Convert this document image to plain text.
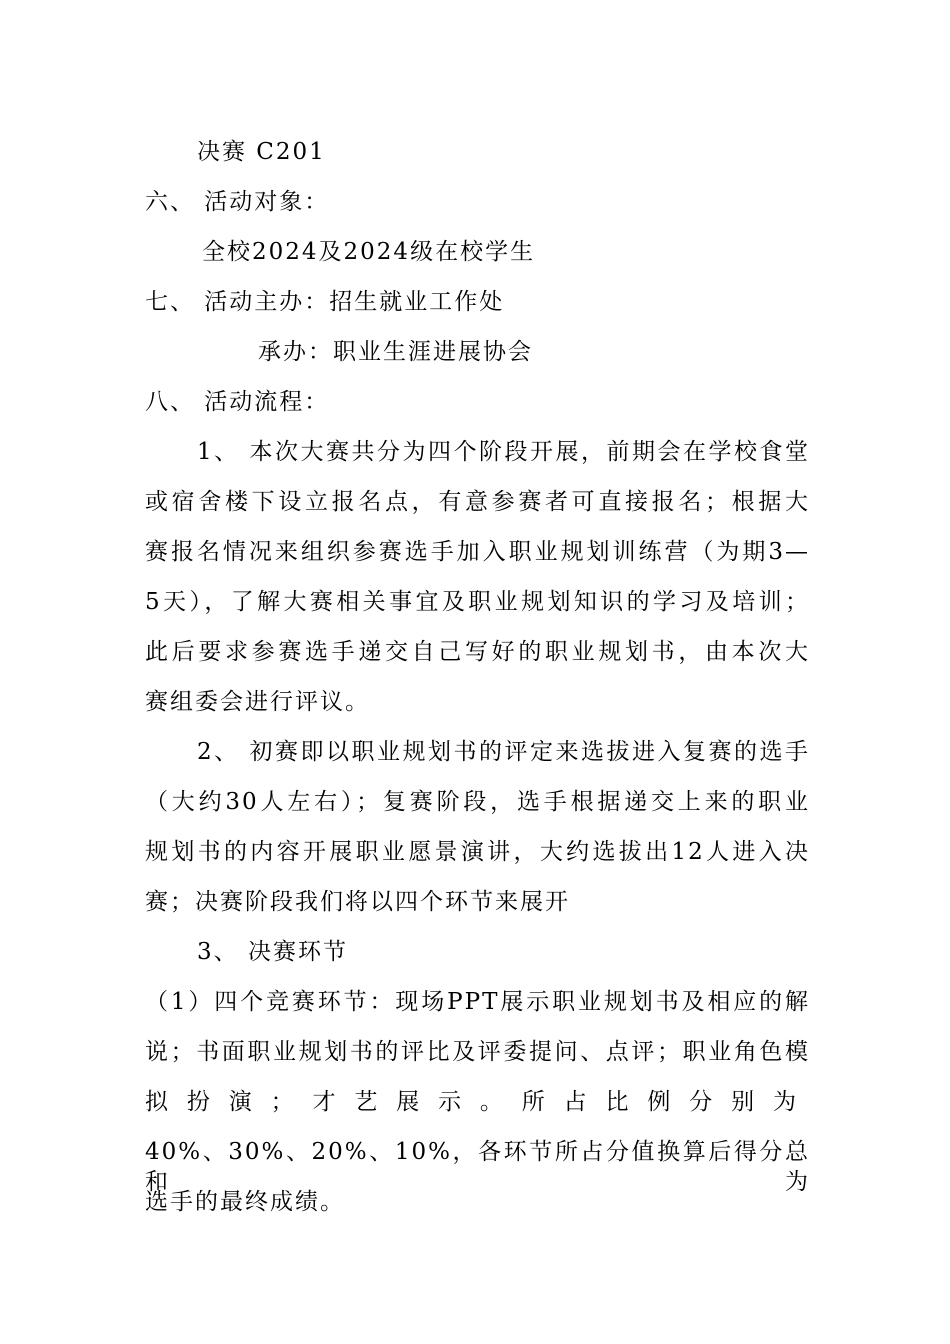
决赛 C201
六、 活动对象：
全校2024及2024级在校学生
七、 活动主办：招生就业工作处
承办：职业生涯进展协会
八、 活动流程：
1、 本次大赛共分为四个阶段开展，前期会在学校食堂
或宿舍楼下设立报名点，有意参赛者可直接报名；根据大
赛报名情况来组织参赛选手加入职业规划训练营（为期3—
5天），了解大赛相关事宜及职业规划知识的学习及培训；
此后要求参赛选手递交自己写好的职业规划书，由本次大
赛组委会进行评议。
2、 初赛即以职业规划书的评定来选拔进入复赛的选手
（大约30人左右）；复赛阶段，选手根据递交上来的职业
规划书的内容开展职业愿景演讲，大约选拔出12人进入决
赛；决赛阶段我们将以四个环节来展开
3、 决赛环节
（1）四个竞赛环节：现场PPT展示职业规划书及相应的解
说；书面职业规划书的评比及评委提问、点评；职业角色模
拟扮演；才艺展示。所占比例分别为
40%、30%、20%、10%，各环节所占分值换算后得分总和为
选手的最终成绩。
